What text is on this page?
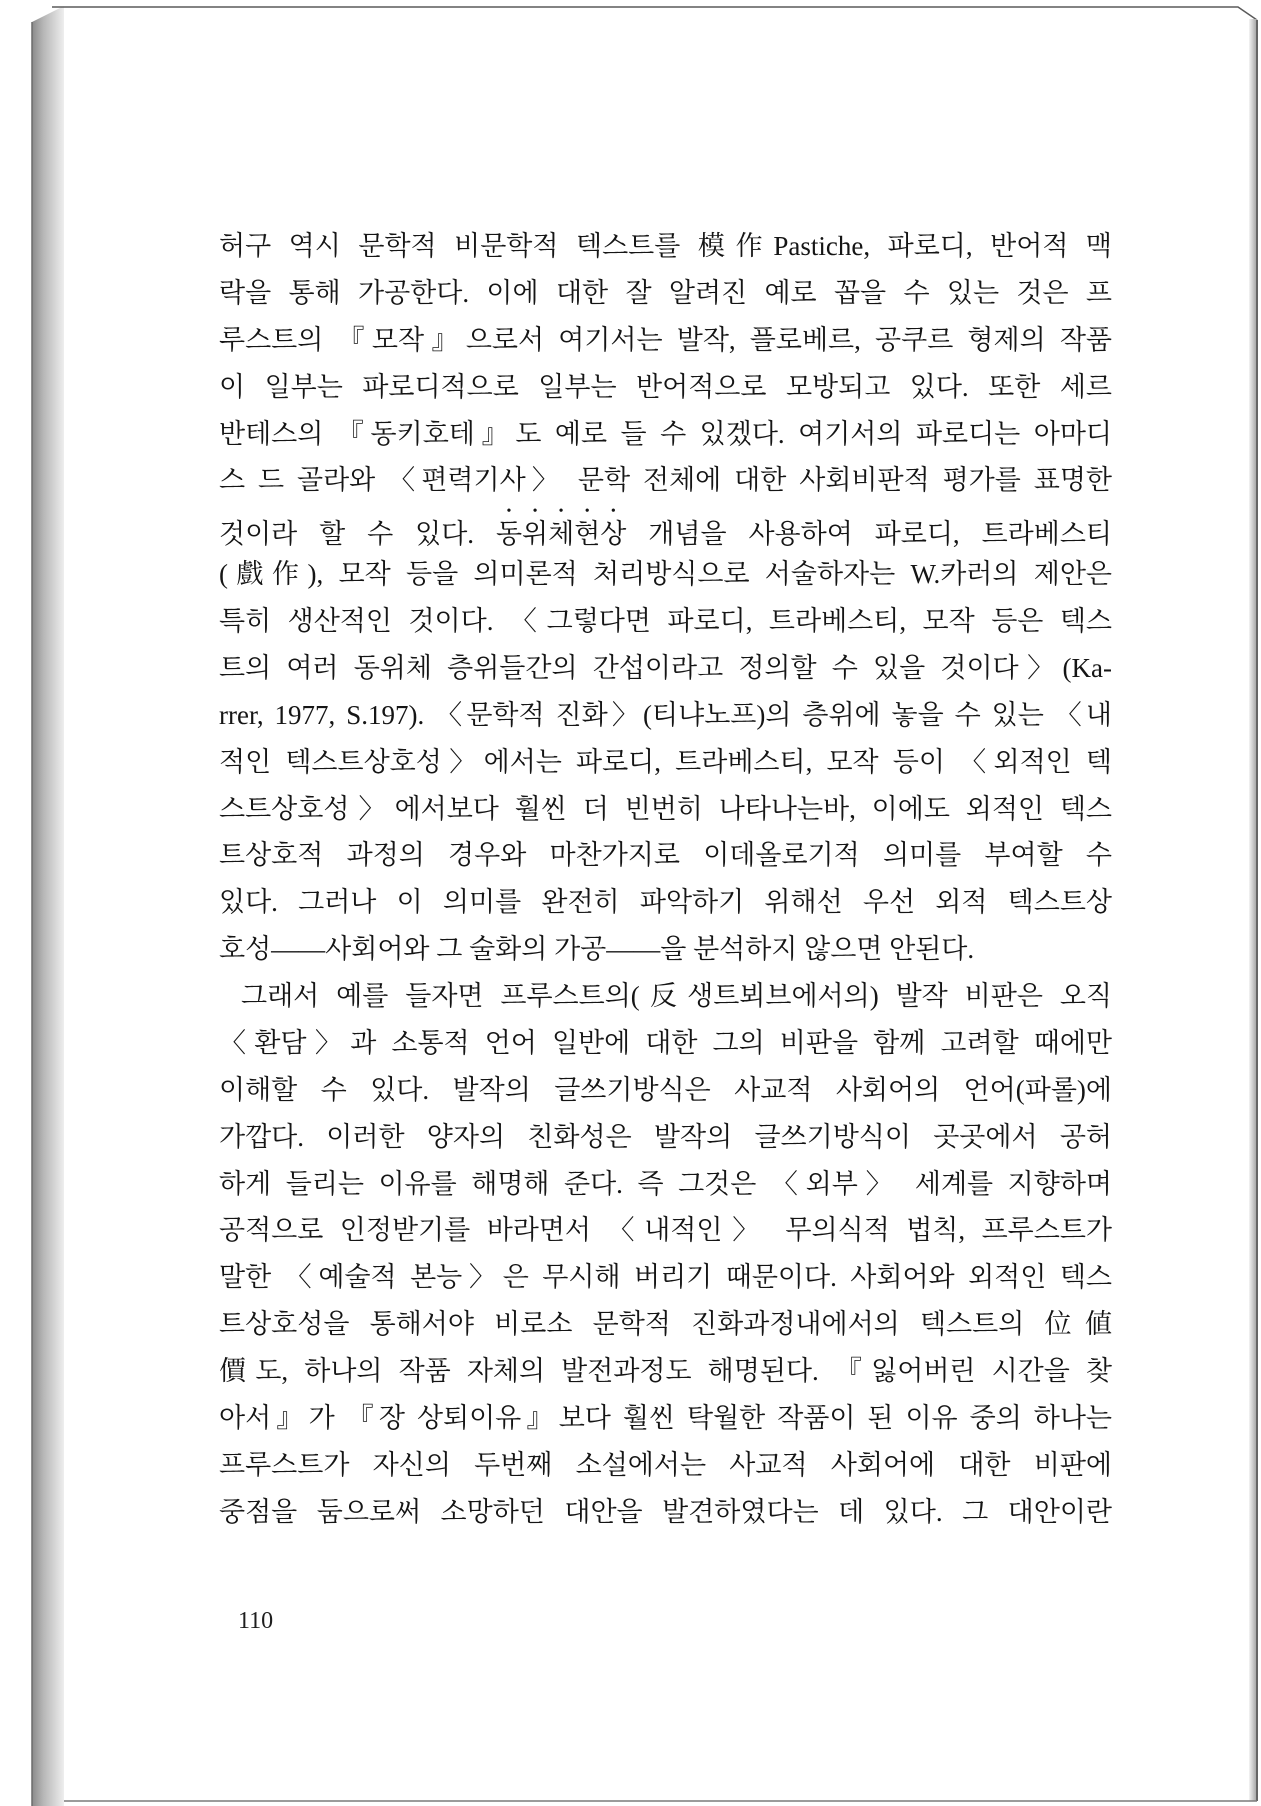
허구 역시 문학적 비문학적 텍스트를 模作Pastiche, 파로디, 반어적 맥
락을 통해 가공한다. 이에 대한 잘 알려진 예로 꼽을 수 있는 것은 프
루스트의 『모작』으로서 여기서는 발작, 플로베르, 공쿠르 형제의 작품
이 일부는 파로디적으로 일부는 반어적으로 모방되고 있다. 또한 세르
반테스의 『동키호테』도 예로 들 수 있겠다. 여기서의 파로디는 아마디
스 드 골라와 〈편력기사〉 문학 전체에 대한 사회비판적 평가를 표명한
것이라 할 수 있다. 동위체현상 개념을 사용하여 파로디, 트라베스티
(戲作), 모작 등을 의미론적 처리방식으로 서술하자는 W.카러의 제안은
특히 생산적인 것이다. 〈그렇다면 파로디, 트라베스티, 모작 등은 텍스
트의 여러 동위체 층위들간의 간섭이라고 정의할 수 있을 것이다〉(Ka-
rrer, 1977, S.197). 〈문학적 진화〉(티냐노프)의 층위에 놓을 수 있는 〈내
적인 텍스트상호성〉에서는 파로디, 트라베스티, 모작 등이 〈외적인 텍
스트상호성〉에서보다 훨씬 더 빈번히 나타나는바, 이에도 외적인 텍스
트상호적 과정의 경우와 마찬가지로 이데올로기적 의미를 부여할 수
있다. 그러나 이 의미를 완전히 파악하기 위해선 우선 외적 텍스트상
호성——사회어와 그 술화의 가공——을 분석하지 않으면 안된다.
그래서 예를 들자면 프루스트의(反생트뵈브에서의) 발작 비판은 오직
〈환담〉과 소통적 언어 일반에 대한 그의 비판을 함께 고려할 때에만
이해할 수 있다. 발작의 글쓰기방식은 사교적 사회어의 언어(파롤)에
가깝다. 이러한 양자의 친화성은 발작의 글쓰기방식이 곳곳에서 공허
하게 들리는 이유를 해명해 준다. 즉 그것은 〈외부〉 세계를 지향하며
공적으로 인정받기를 바라면서 〈내적인〉 무의식적 법칙, 프루스트가
말한 〈예술적 본능〉은 무시해 버리기 때문이다. 사회어와 외적인 텍스
트상호성을 통해서야 비로소 문학적 진화과정내에서의 텍스트의 位値
價도, 하나의 작품 자체의 발전과정도 해명된다. 『잃어버린 시간을 찾
아서』가 『장 상퇴이유』보다 훨씬 탁월한 작품이 된 이유 중의 하나는
프루스트가 자신의 두번째 소설에서는 사교적 사회어에 대한 비판에
중점을 둠으로써 소망하던 대안을 발견하였다는 데 있다. 그 대안이란
110
